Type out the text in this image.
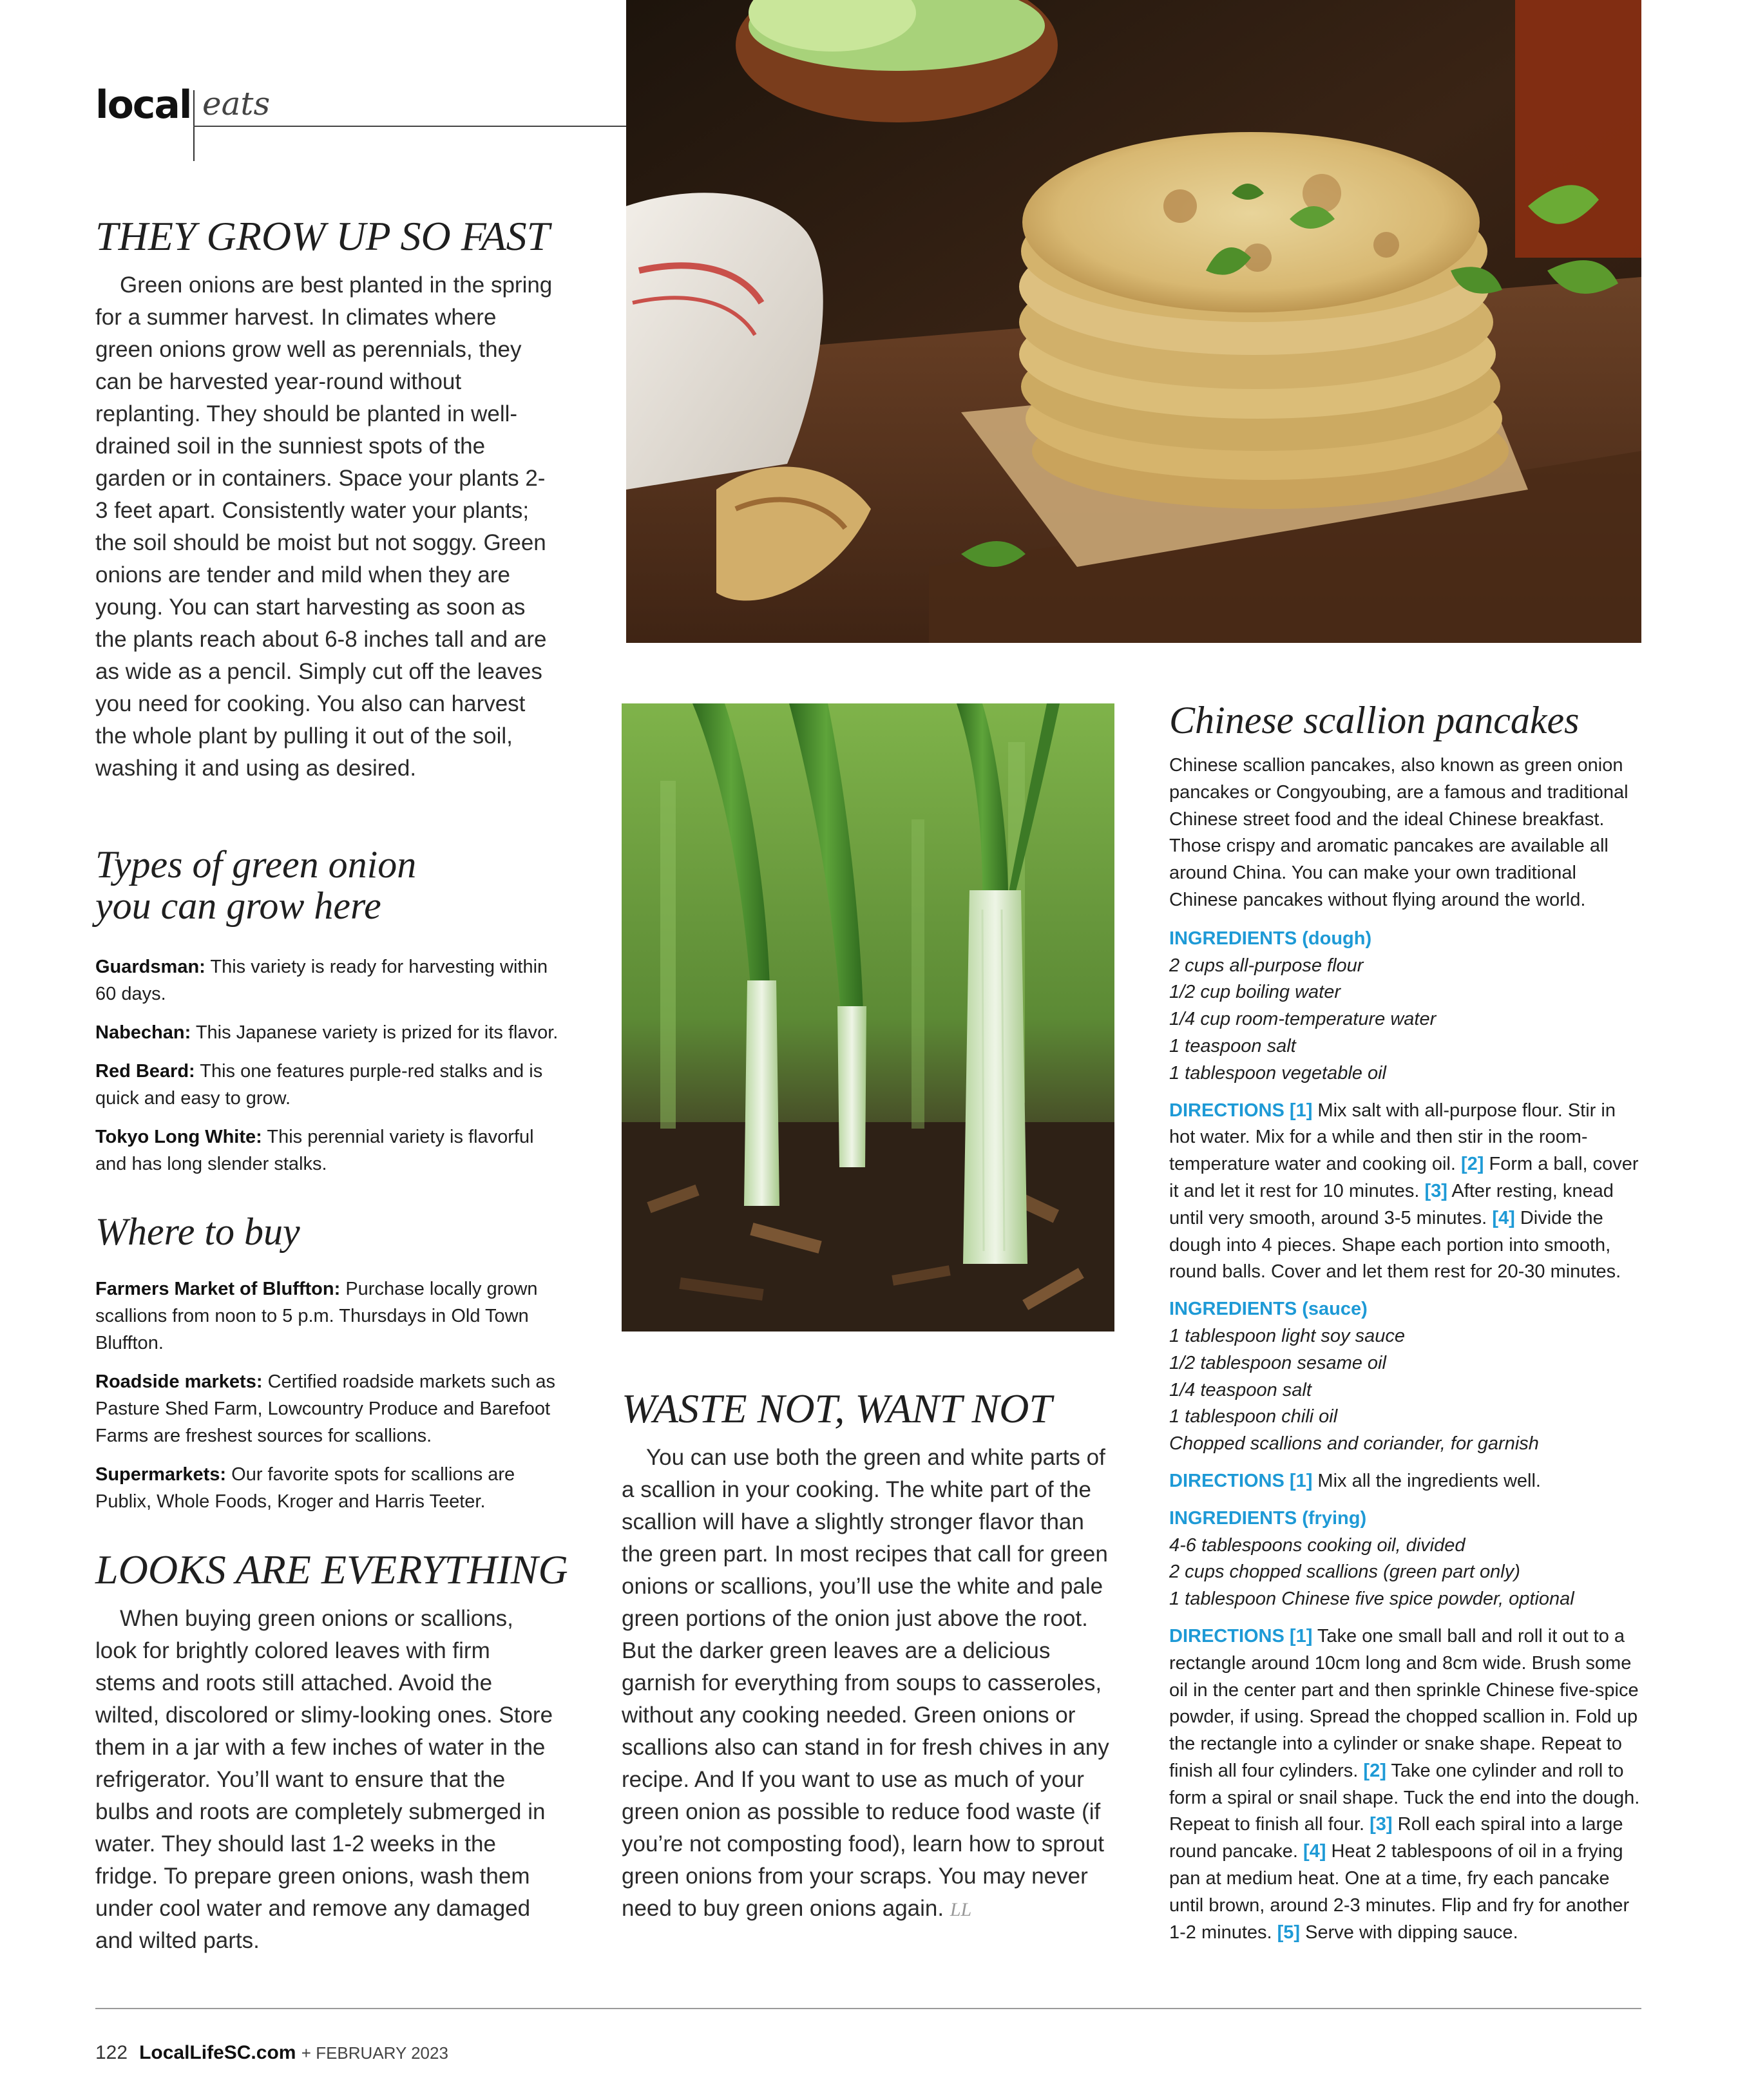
local eats
THEY GROW UP SO FAST

Green onions are best planted in the spring for a summer harvest. In climates where green onions grow well as perennials, they can be harvested year-round without replanting. They should be planted in well-drained soil in the sunniest spots of the garden or in containers. Space your plants 2-3 feet apart. Consistently water your plants; the soil should be moist but not soggy. Green onions are tender and mild when they are young. You can start harvesting as soon as the plants reach about 6-8 inches tall and are as wide as a pencil. Simply cut off the leaves you need for cooking. You also can harvest the whole plant by pulling it out of the soil, washing it and using as desired.

Types of green onion
you can grow here

Guardsman: This variety is ready for harvesting within 60 days.

Nabechan: This Japanese variety is prized for its flavor.

Red Beard: This one features purple-red stalks and is quick and easy to grow.

Tokyo Long White: This perennial variety is flavorful and has long slender stalks.

Where to buy

Farmers Market of Bluffton: Purchase locally grown scallions from noon to 5 p.m. Thursdays in Old Town Bluffton.

Roadside markets: Certified roadside markets such as Pasture Shed Farm, Lowcountry Produce and Barefoot Farms are freshest sources for scallions.

Supermarkets: Our favorite spots for scallions are Publix, Whole Foods, Kroger and Harris Teeter.

LOOKS ARE EVERYTHING

When buying green onions or scallions, look for brightly colored leaves with firm stems and roots still attached. Avoid the wilted, discolored or slimy-looking ones. Store them in a jar with a few inches of water in the refrigerator. You’ll want to ensure that the bulbs and roots are completely submerged in water. They should last 1-2 weeks in the fridge. To prepare green onions, wash them under cool water and remove any damaged and wilted parts.

WASTE NOT, WANT NOT

You can use both the green and white parts of a scallion in your cooking. The white part of the scallion will have a slightly stronger flavor than the green part. In most recipes that call for green onions or scallions, you’ll use the white and pale green portions of the onion just above the root. But the darker green leaves are a delicious garnish for everything from soups to casseroles, without any cooking needed. Green onions or scallions also can stand in for fresh chives in any recipe. And If you want to use as much of your green onion as possible to reduce food waste (if you’re not composting food), learn how to sprout green onions from your scraps. You may never need to buy green onions again. LL

Chinese scallion pancakes

Chinese scallion pancakes, also known as green onion pancakes or Congyoubing, are a famous and traditional Chinese street food and the ideal Chinese breakfast. Those crispy and aromatic pancakes are available all around China. You can make your own traditional Chinese pancakes without flying around the world.

INGREDIENTS (dough)

2 cups all-purpose flour

1/2 cup boiling water

1/4 cup room-temperature water

1 teaspoon salt

1 tablespoon vegetable oil

DIRECTIONS [1] Mix salt with all-purpose flour. Stir in hot water. Mix for a while and then stir in the room-temperature water and cooking oil. [2] Form a ball, cover it and let it rest for 10 minutes. [3] After resting, knead until very smooth, around 3-5 minutes. [4] Divide the dough into 4 pieces. Shape each portion into smooth, round balls. Cover and let them rest for 20-30 minutes.

INGREDIENTS (sauce)

1 tablespoon light soy sauce

1/2 tablespoon sesame oil

1/4 teaspoon salt

1 tablespoon chili oil

Chopped scallions and coriander, for garnish

DIRECTIONS [1] Mix all the ingredients well.

INGREDIENTS (frying)

4-6 tablespoons cooking oil, divided

2 cups chopped scallions (green part only)

1 tablespoon Chinese five spice powder, optional

DIRECTIONS [1] Take one small ball and roll it out to a rectangle around 10cm long and 8cm wide. Brush some oil in the center part and then sprinkle Chinese five-spice powder, if using. Spread the chopped scallion in. Fold up the rectangle into a cylinder or snake shape. Repeat to finish all four cylinders. [2] Take one cylinder and roll to form a spiral or snail shape. Tuck the end into the dough. Repeat to finish all four. [3] Roll each spiral into a large round pancake. [4] Heat 2 tablespoons of oil in a frying pan at medium heat. One at a time, fry each pancake until brown, around 2-3 minutes. Flip and fry for another 1-2 minutes. [5] Serve with dipping sauce.

122 LocalLifeSC.com + FEBRUARY 2023
